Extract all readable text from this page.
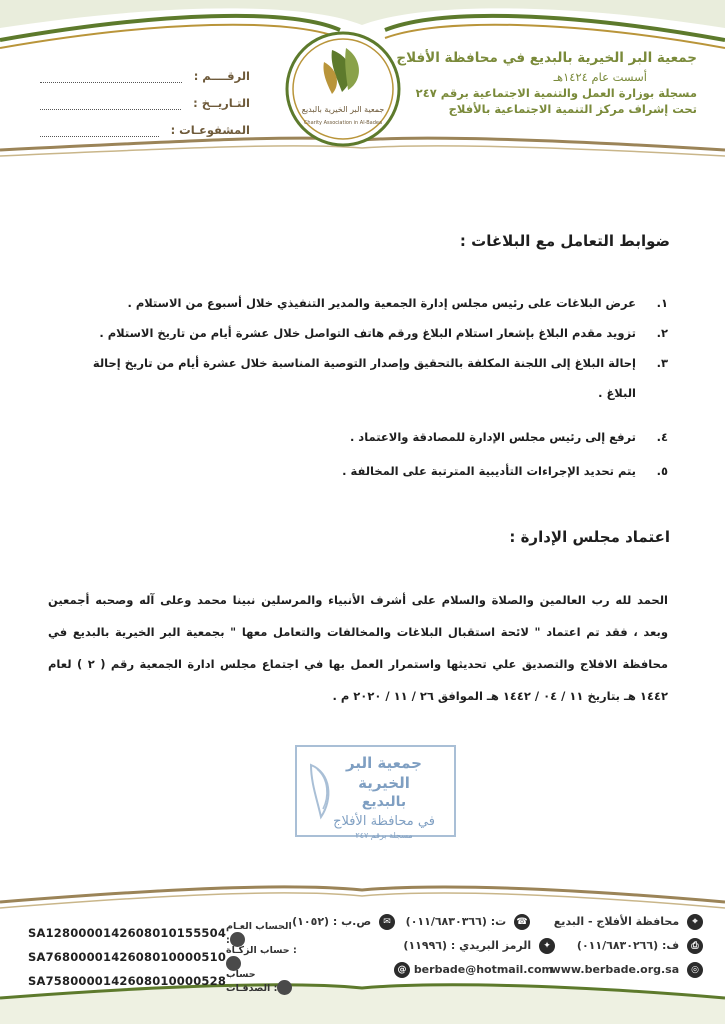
جمعية البر الخيرية بالبديع
Charity Association in Al-Badea

جمعية البر الخيرية بالبديع في محافظة الأفلاج

أسست عام ١٤٢٤هـ

مسجلة بوزارة العمل والتنمية الاجتماعية برقم ٢٤٧

تحت إشراف مركز التنمية الاجتماعية بالأفلاج

الرقــــم :
التـاريــخ :
المشفوعـات :
ضوابط التعامل مع البلاغات :
١.
عرض البلاغات على رئيس مجلس إدارة الجمعية والمدير التنفيذي خلال أسبوع من الاستلام .
٢.
تزويد مقدم البلاغ بإشعار استلام البلاغ ورقم هاتف التواصل خلال عشرة أيام من تاريخ الاستلام .
٣.
إحالة البلاغ إلى اللجنة المكلفة بالتحقيق وإصدار التوصية المناسبة خلال عشرة أيام من تاريخ إحالة البلاغ .
٤.
ترفع إلى رئيس مجلس الإدارة للمصادقة والاعتماد .
٥.
يتم تحديد الإجراءات التأديبية المترتبة على المخالفة .
اعتماد مجلس الإدارة :

الحمد لله رب العالمين والصلاة والسلام على أشرف الأنبياء والمرسلين نبينا محمد وعلى آله وصحبه أجمعين وبعد ، فقد تم اعتماد " لائحة استقبال البلاغات والمخالفات والتعامل معها " بجمعية البر الخيرية بالبديع في محافظة الافلاج والتصديق علي تحديثها واستمرار العمل بها في اجتماع مجلس ادارة الجمعية رقم ( ٢ ) لعام ١٤٤٢ هـ بتاريخ ١١ / ٠٤ / ١٤٤٢ هـ الموافق ٢٦ / ١١ / ٢٠٢٠ م .

جمعية البر الخيرية

بالبديع

في محافظة الأفلاج

مسجلة برقم ٢٤٧

⌖ محافظة الأفلاج - البديع
☎ ت: (٠١١/٦٨٣٠٣٦٦)
✉ ص.ب : (١٠٥٢)
⎙ ف: (٠١١/٦٨٣٠٢٦٦)
✦ الرمز البريدي : (١١٩٩٦)
www.berbade.org.sa ◎
@ berbade@hotmail.com
SA1280000142608010155504 الحساب العـام :
SA7680000142608010000510 حساب الزكـاة :
SA7580000142608010000528 حساب الصدقـات :
